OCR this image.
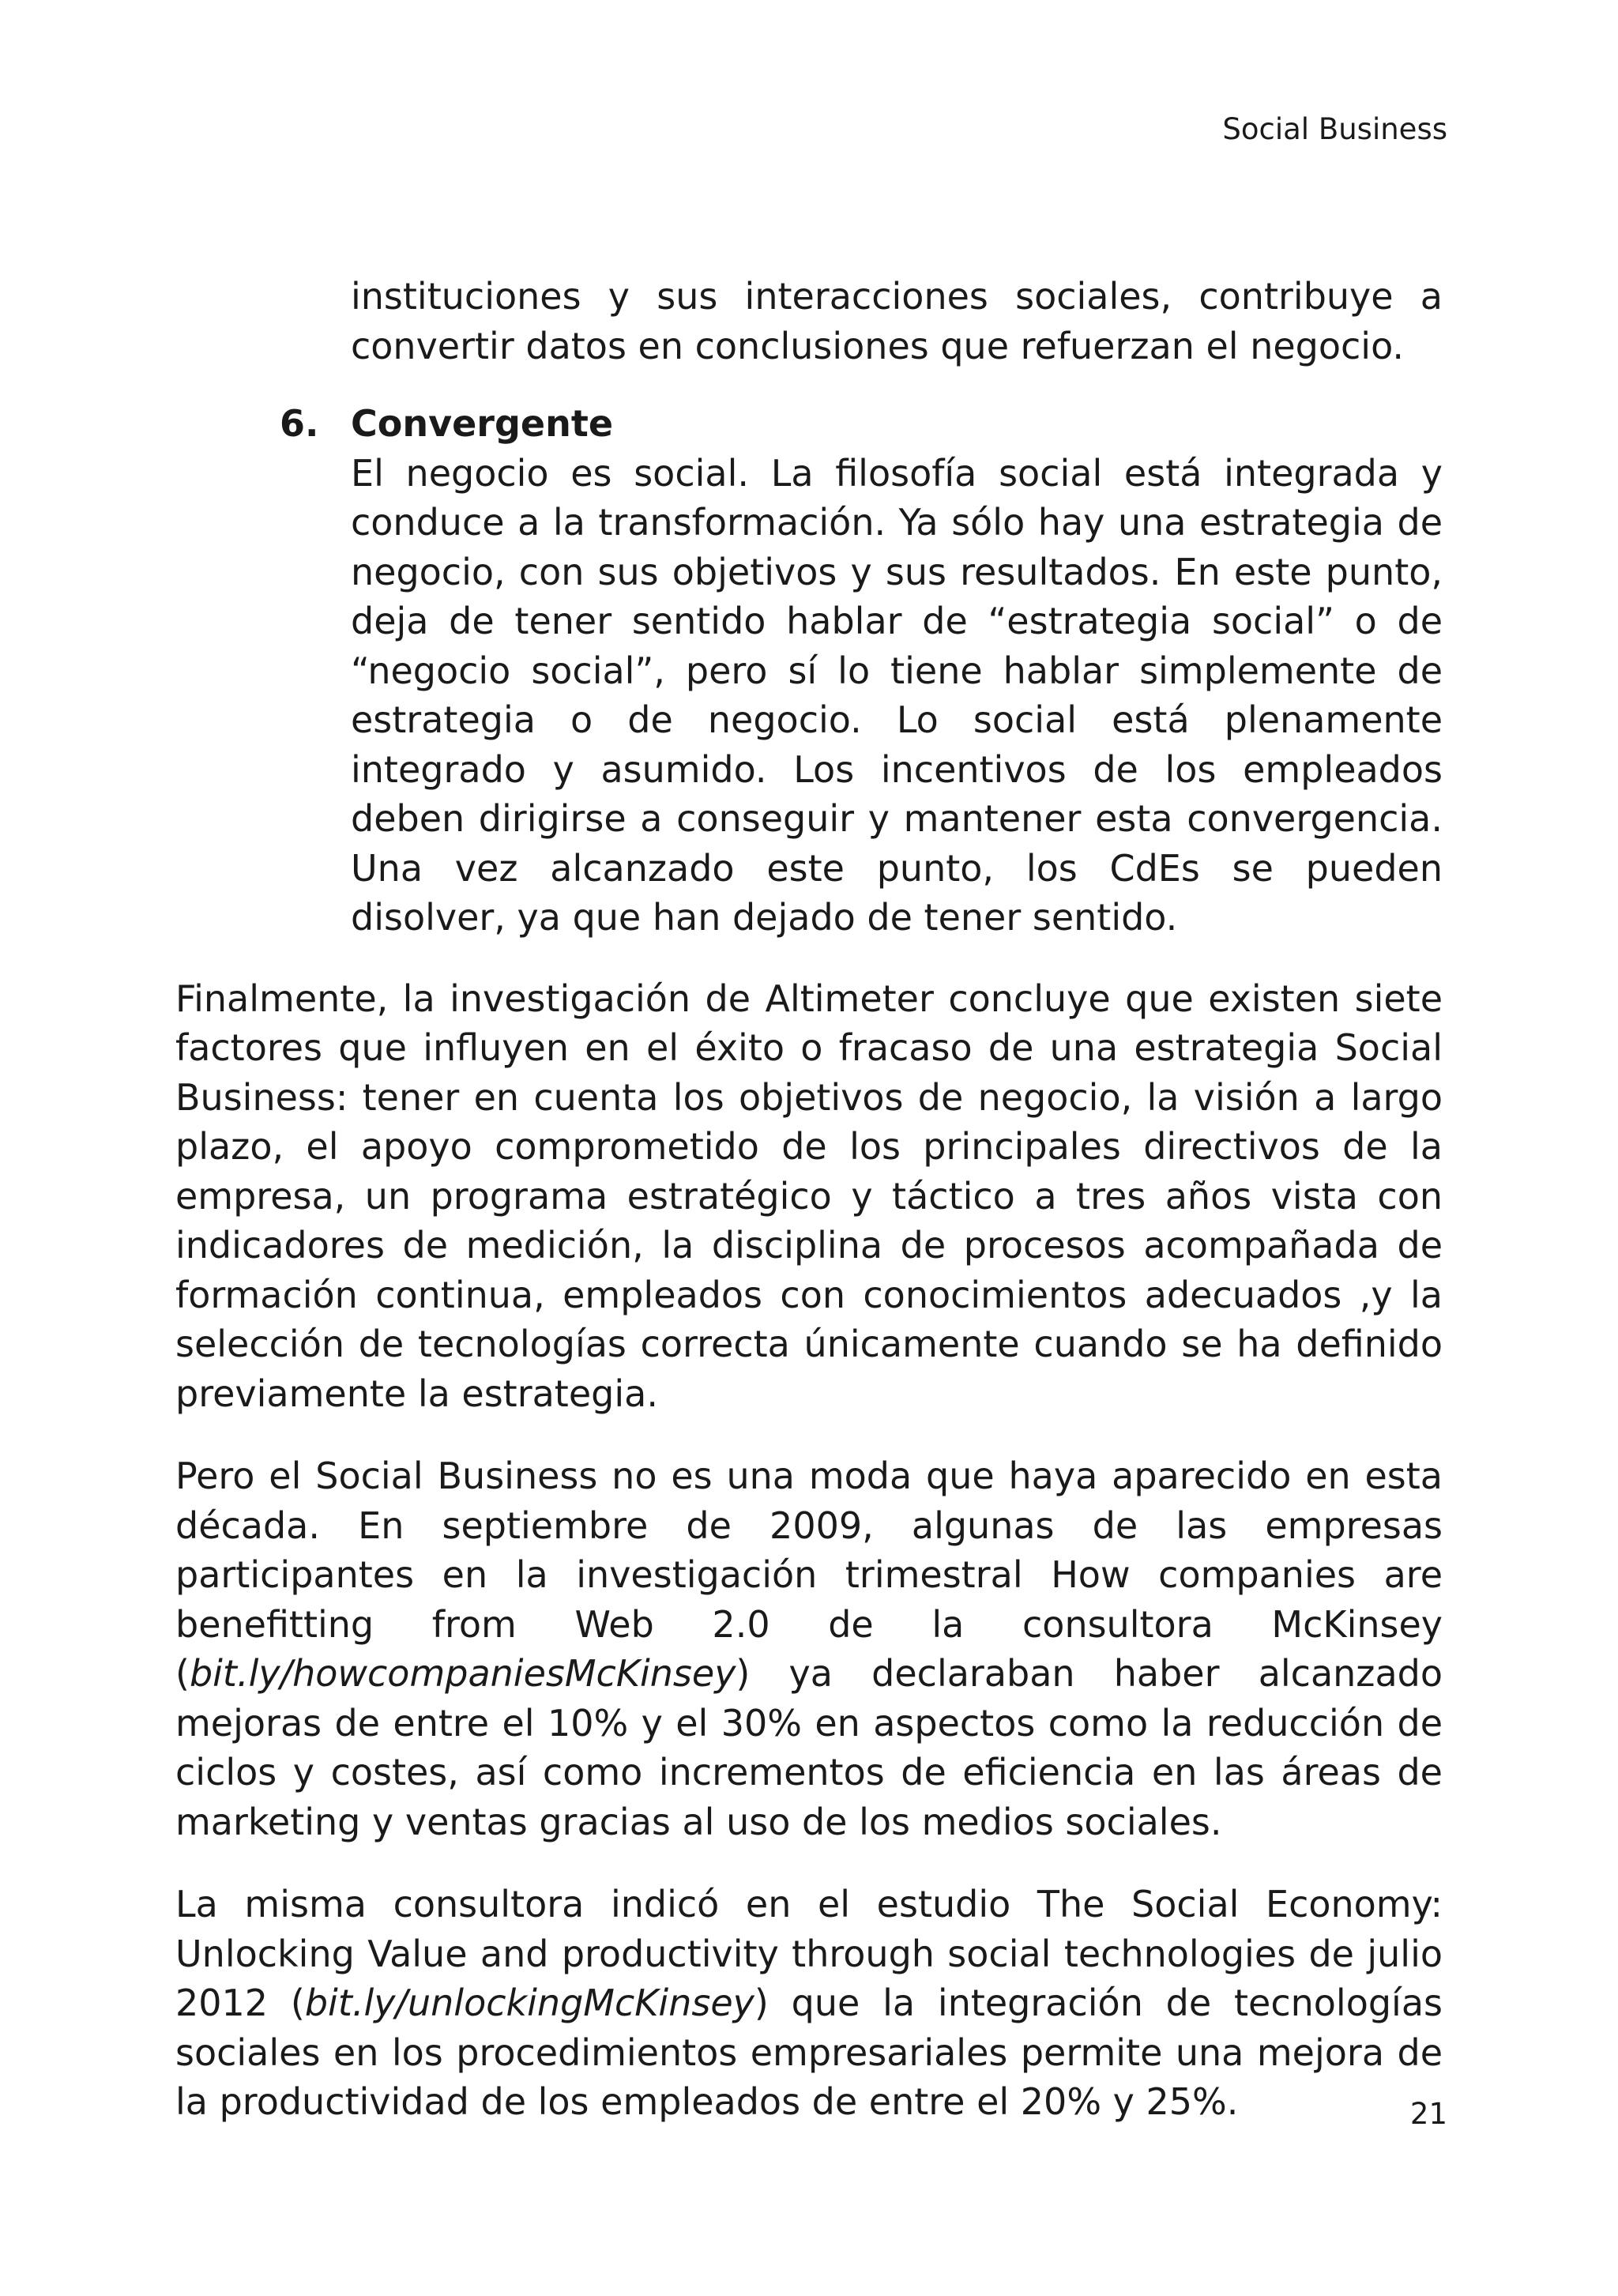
Social Business

instituciones y sus interacciones sociales, contribuye a convertir datos en conclusiones que refuerzan el negocio.

6. Convergente

El negocio es social. La filosofía social está integrada y conduce a la transformación. Ya sólo hay una estrategia de negocio, con sus objetivos y sus resultados. En este punto, deja de tener sentido hablar de “estrategia social” o de “negocio social”, pero sí lo tiene hablar simplemente de estrategia o de negocio. Lo social está plenamente integrado y asumido. Los incentivos de los empleados deben dirigirse a conseguir y mantener esta convergencia. Una vez alcanzado este punto, los CdEs se pueden disolver, ya que han dejado de tener sentido.

Finalmente, la investigación de Altimeter concluye que existen siete factores que influyen en el éxito o fracaso de una estrategia Social Business: tener en cuenta los objetivos de negocio, la visión a largo plazo, el apoyo comprometido de los principales directivos de la empresa, un programa estratégico y táctico a tres años vista con indicadores de medición, la disciplina de procesos acompañada de formación continua, empleados con conocimientos adecuados ,y la selección de tecnologías correcta únicamente cuando se ha definido previamente la estrategia.

Pero el Social Business no es una moda que haya aparecido en esta década. En septiembre de 2009, algunas de las empresas participantes en la investigación trimestral How companies are benefitting from Web 2.0 de la consultora McKinsey (bit.ly/howcompaniesMcKinsey) ya declaraban haber alcanzado mejoras de entre el 10% y el 30% en aspectos como la reducción de ciclos y costes, así como incrementos de eficiencia en las áreas de marketing y ventas gracias al uso de los medios sociales.

La misma consultora indicó en el estudio The Social Economy: Unlocking Value and productivity through social technologies de julio 2012 (bit.ly/unlockingMcKinsey) que la integración de tecnologías sociales en los procedimientos empresariales permite una mejora de la productividad de los empleados de entre el 20% y 25%.	21
